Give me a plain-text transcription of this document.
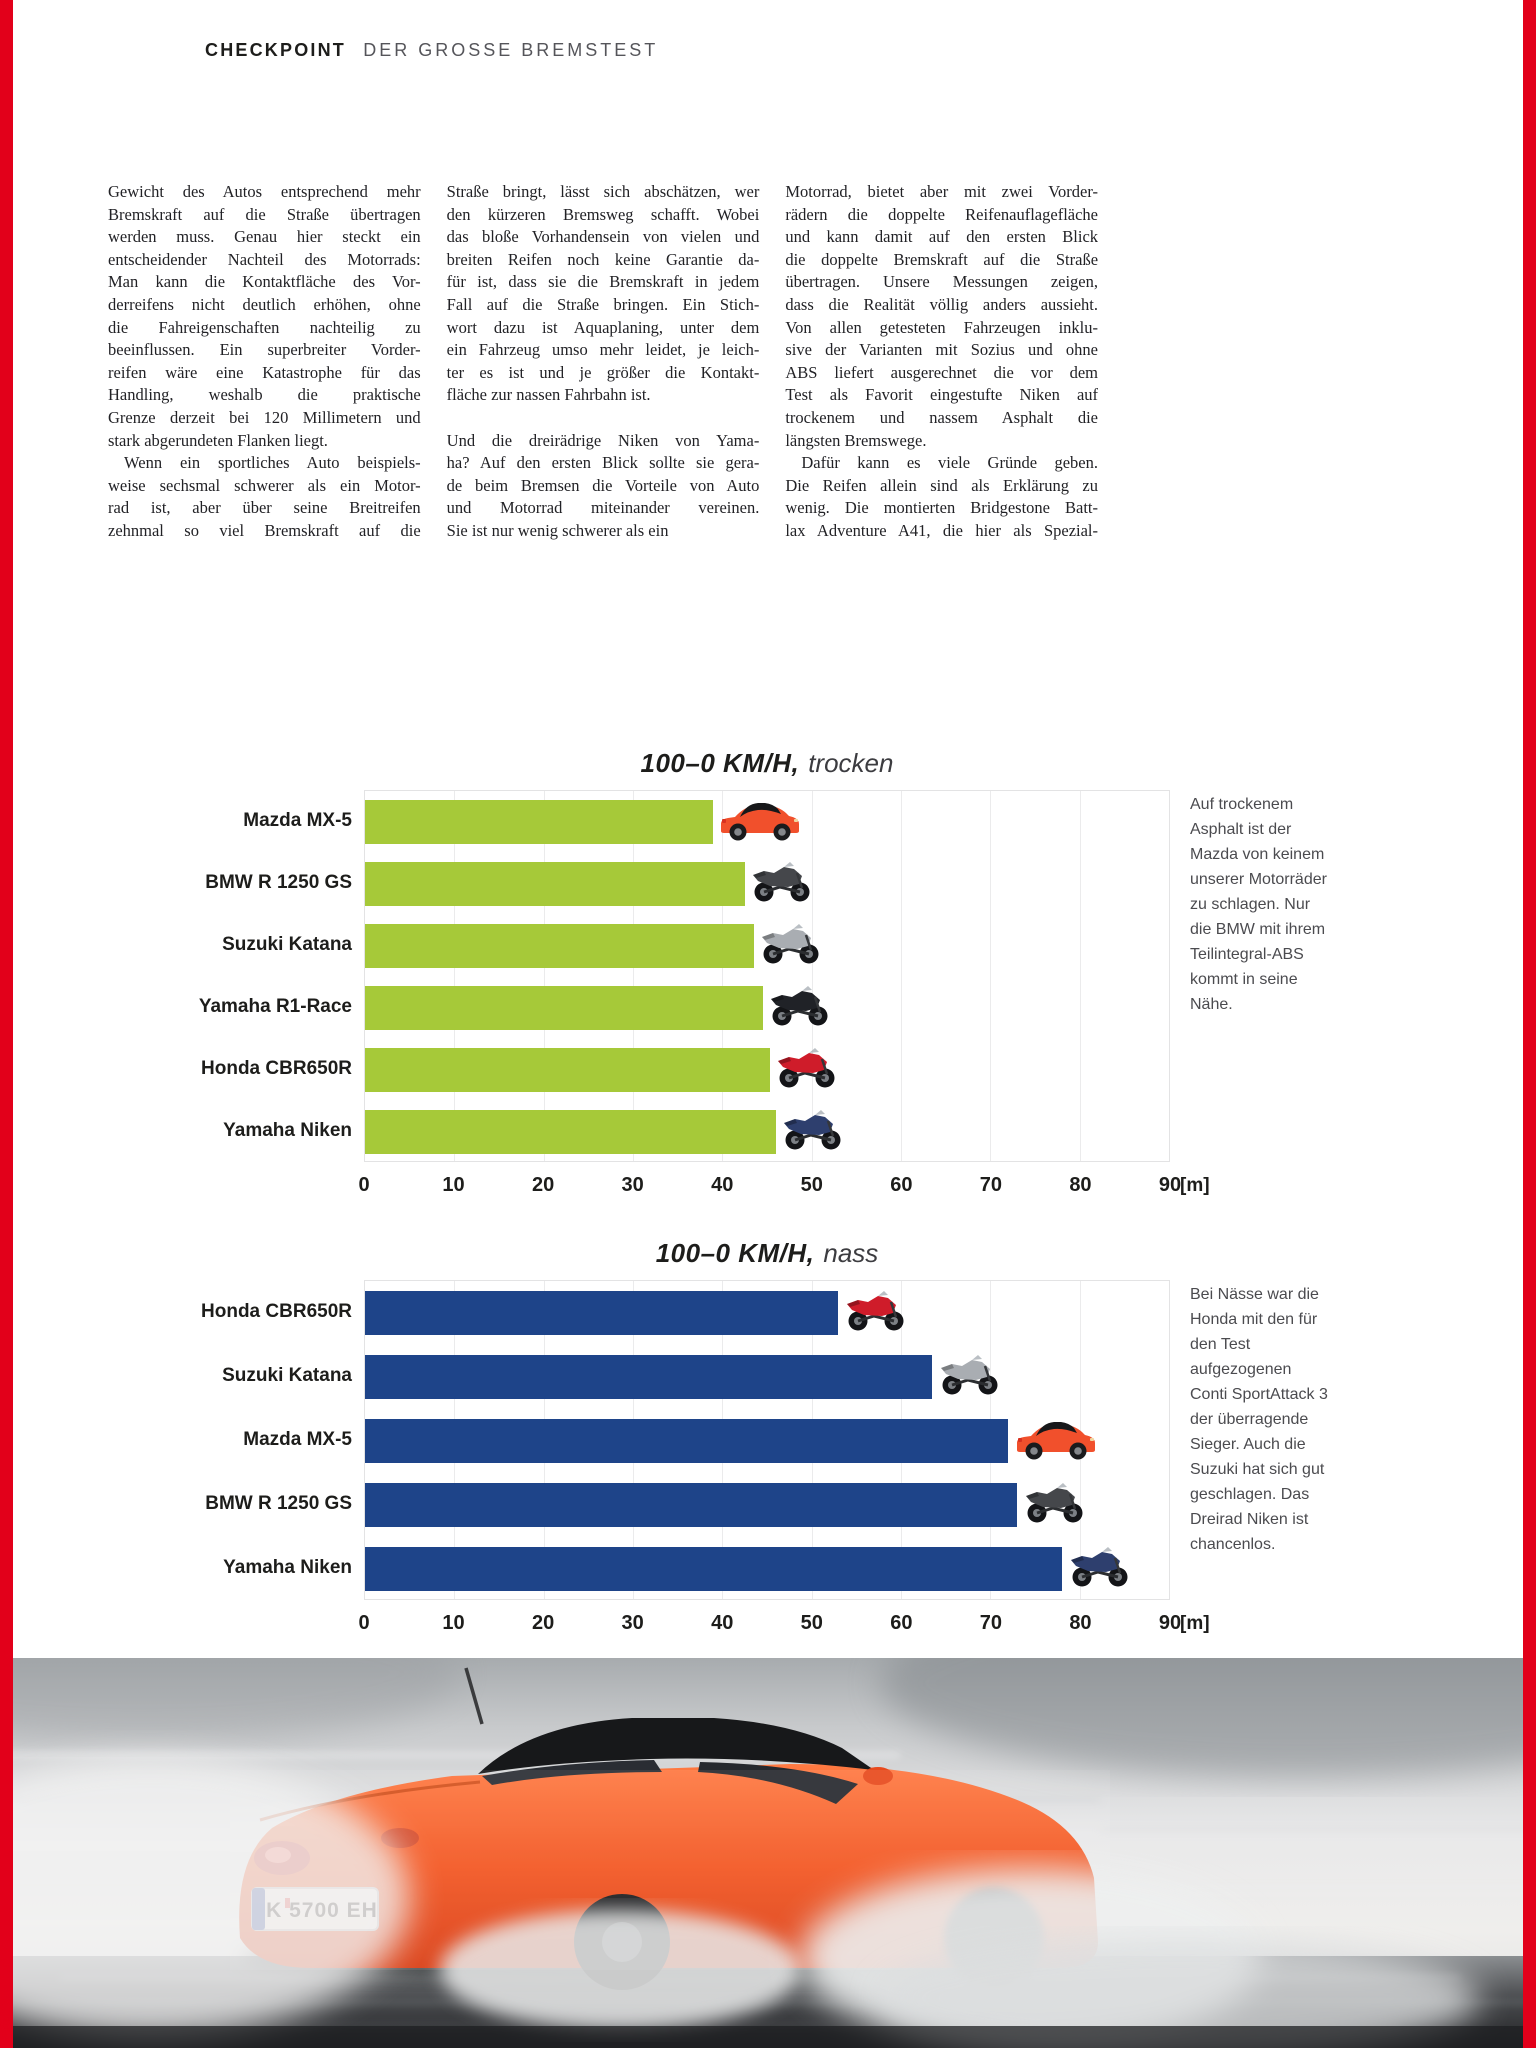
CHECKPOINT DER GROSSE BREMSTEST
Gewicht des Autos entsprechend mehr
Bremskraft auf die Straße übertragen
werden muss. Genau hier steckt ein
entscheidender Nachteil des Motorrads:
Man kann die Kontaktfläche des Vor-
derreifens nicht deutlich erhöhen, ohne
die Fahreigenschaften nachteilig zu
beeinflussen. Ein superbreiter Vorder-
reifen wäre eine Katastrophe für das
Handling, weshalb die praktische
Grenze derzeit bei 120 Millimetern und
stark abgerundeten Flanken liegt.
Wenn ein sportliches Auto beispiels-
weise sechsmal schwerer als ein Motor-
rad ist, aber über seine Breitreifen
zehnmal so viel Bremskraft auf die
Straße bringt, lässt sich abschätzen, wer
den kürzeren Bremsweg schafft. Wobei
das bloße Vorhandensein von vielen und
breiten Reifen noch keine Garantie da-
für ist, dass sie die Bremskraft in jedem
Fall auf die Straße bringen. Ein Stich-
wort dazu ist Aquaplaning, unter dem
ein Fahrzeug umso mehr leidet, je leich-
ter es ist und je größer die Kontakt-
fläche zur nassen Fahrbahn ist.
Und die dreirädrige Niken von Yama-
ha? Auf den ersten Blick sollte sie gera-
de beim Bremsen die Vorteile von Auto
und Motorrad miteinander vereinen.
Sie ist nur wenig schwerer als ein
Motorrad, bietet aber mit zwei Vorder-
rädern die doppelte Reifenauflagefläche
und kann damit auf den ersten Blick
die doppelte Bremskraft auf die Straße
übertragen. Unsere Messungen zeigen,
dass die Realität völlig anders aussieht.
Von allen getesteten Fahrzeugen inklu-
sive der Varianten mit Sozius und ohne
ABS liefert ausgerechnet die vor dem
Test als Favorit eingestufte Niken auf
trockenem und nassem Asphalt die
längsten Bremswege.
Dafür kann es viele Gründe geben.
Die Reifen allein sind als Erklärung zu
wenig. Die montierten Bridgestone Batt-
lax Adventure A41, die hier als Spezial-
100–0 KM/H, trocken
Mazda MX-5
BMW R 1250 GS
Suzuki Katana
Yamaha R1-Race
Honda CBR650R
Yamaha Niken
0	10	20	30	40	50	60	70	80	90
[m]
Auf trockenem Asphalt ist der Mazda von keinem unserer Motorräder zu schlagen. Nur die BMW mit ihrem Teilintegral-ABS kommt in seine Nähe.
100–0 KM/H, nass
Honda CBR650R
Suzuki Katana
Mazda MX-5
BMW R 1250 GS
Yamaha Niken
0	10	20	30	40	50	60	70	80	90
[m]
Bei Nässe war die Honda mit den für den Test aufgezogenen Conti SportAttack 3 der überragende Sieger. Auch die Suzuki hat sich gut geschlagen. Das Dreirad Niken ist chancenlos.
